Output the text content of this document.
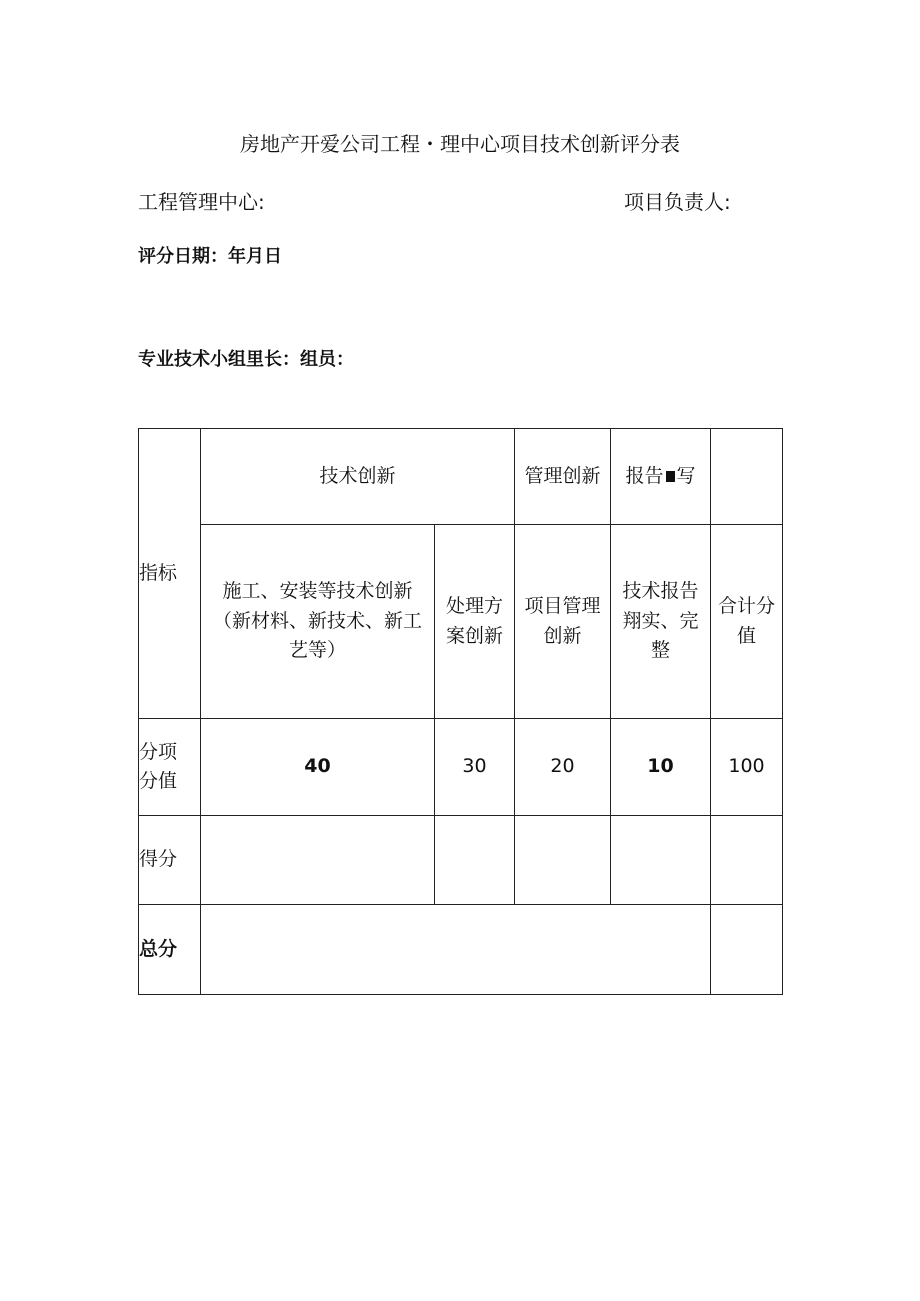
房地产开爱公司工程・理中心项目技术创新评分表
工程管理中心:	项目负责人:
评分日期：年月日
专业技术小组里长：组员：
指标	技术创新		管理创新	报告 写	
	施工、安装等技术创新（新材料、新技术、新工艺等）	处理方案创新	项目管理创新	技术报告翔实、完整	合计分值

分项
分值	40	30	20	10	100
得分					
总分					
